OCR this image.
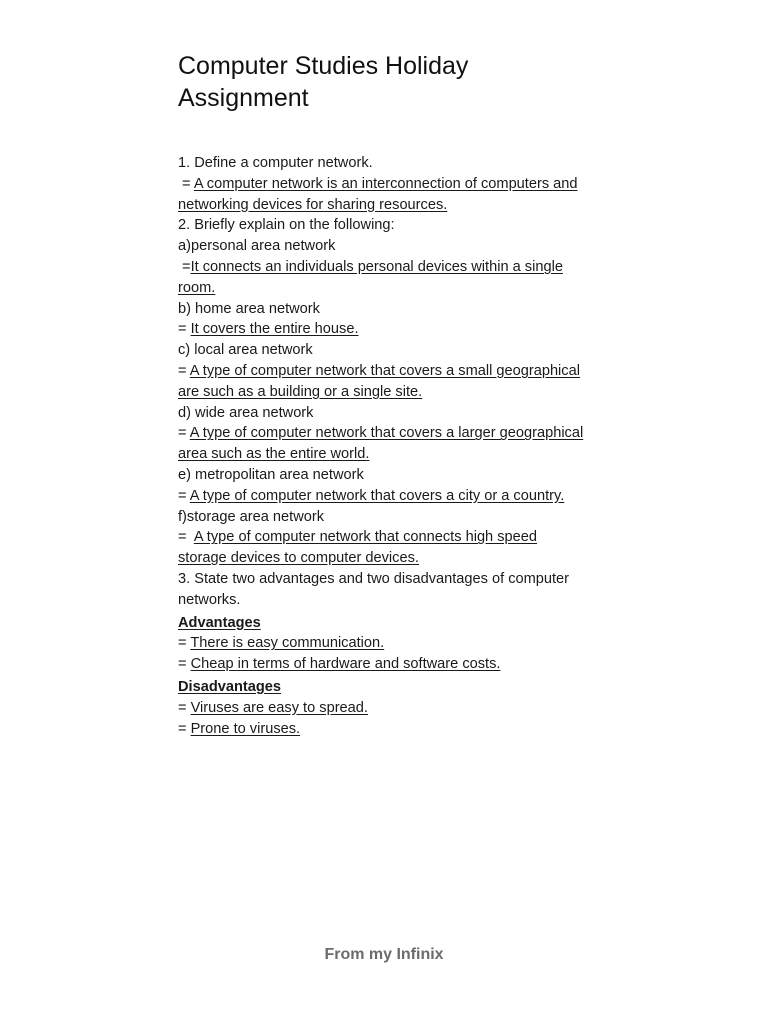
Computer Studies Holiday
Assignment
1. Define a computer network.
= A computer network is an interconnection of computers and
networking devices for sharing resources.
2. Briefly explain on the following:
a)personal area network
=It connects an individuals personal devices within a single
room.
b) home area network
= It covers the entire house.
c) local area network
= A type of computer network that covers a small geographical
are such as a building or a single site.
d) wide area network
= A type of computer network that covers a larger geographical
area such as the entire world.
e) metropolitan area network
= A type of computer network that covers a city or a country.
f)storage area network
=  A type of computer network that connects high speed
storage devices to computer devices.
3. State two advantages and two disadvantages of computer
networks.
Advantages
= There is easy communication.
= Cheap in terms of hardware and software costs.
Disadvantages
= Viruses are easy to spread.
= Prone to viruses.
From my Infinix
